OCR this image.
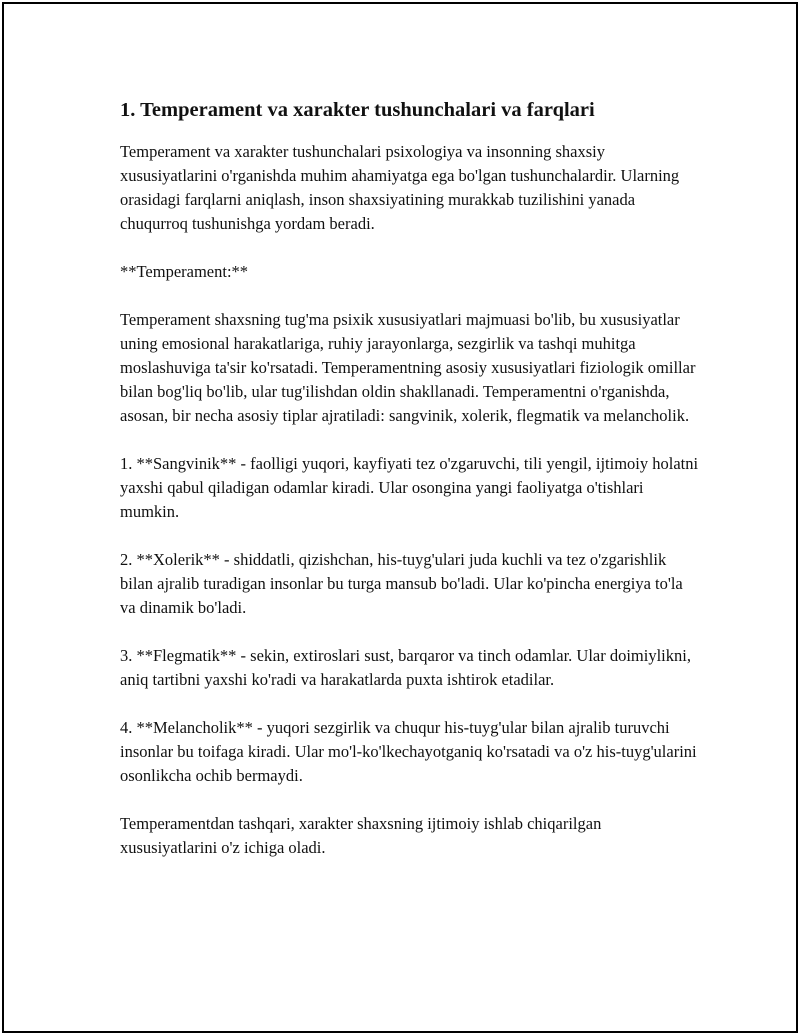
1. Temperament va xarakter tushunchalari va farqlari

Temperament va xarakter tushunchalari psixologiya va insonning shaxsiy xususiyatlarini o'rganishda muhim ahamiyatga ega bo'lgan tushunchalardir. Ularning orasidagi farqlarni aniqlash, inson shaxsiyatining murakkab tuzilishini yanada chuqurroq tushunishga yordam beradi.

**Temperament:**

Temperament shaxsning tug'ma psixik xususiyatlari majmuasi bo'lib, bu xususiyatlar uning emosional harakatlariga, ruhiy jarayonlarga, sezgirlik va tashqi muhitga moslashuviga ta'sir ko'rsatadi. Temperamentning asosiy xususiyatlari fiziologik omillar bilan bog'liq bo'lib, ular tug'ilishdan oldin shakllanadi. Temperamentni o'rganishda, asosan, bir necha asosiy tiplar ajratiladi: sangvinik, xolerik, flegmatik va melancholik.

1. **Sangvinik** - faolligi yuqori, kayfiyati tez o'zgaruvchi, tili yengil, ijtimoiy holatni yaxshi qabul qiladigan odamlar kiradi. Ular osongina yangi faoliyatga o'tishlari mumkin.

2. **Xolerik** - shiddatli, qizishchan, his-tuyg'ulari juda kuchli va tez o'zgarishlik bilan ajralib turadigan insonlar bu turga mansub bo'ladi. Ular ko'pincha energiya to'la va dinamik bo'ladi.

3. **Flegmatik** - sekin, extiroslari sust, barqaror va tinch odamlar. Ular doimiylikni, aniq tartibni yaxshi ko'radi va harakatlarda puxta ishtirok etadilar.

4. **Melancholik** - yuqori sezgirlik va chuqur his-tuyg'ular bilan ajralib turuvchi insonlar bu toifaga kiradi. Ular mo'l-ko'lkechayotganiq ko'rsatadi va o'z his-tuyg'ularini osonlikcha ochib bermaydi.

Temperamentdan tashqari, xarakter shaxsning ijtimoiy ishlab chiqarilgan xususiyatlarini o'z ichiga oladi.
